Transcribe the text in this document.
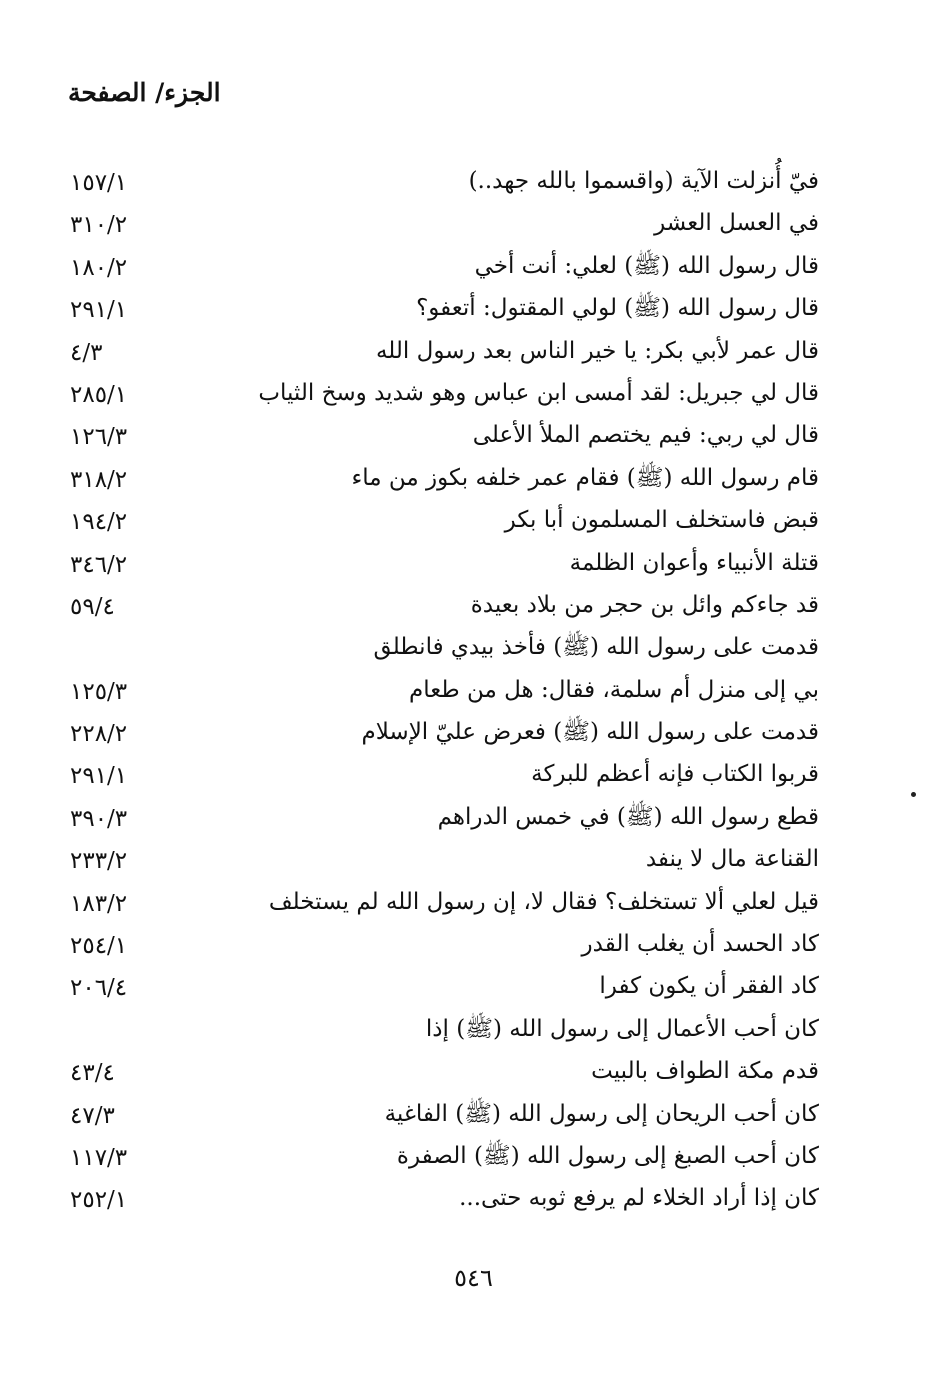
الجزء/ الصفحة
فيّ أُنزلت الآية (واقسموا بالله جهد..)
١٥٧/١
في العسل العشر
٣١٠/٢
قال رسول الله (ﷺ) لعلي: أنت أخي
١٨٠/٢
قال رسول الله (ﷺ) لولي المقتول: أتعفو؟
٢٩١/١
قال عمر لأبي بكر: يا خير الناس بعد رسول الله
٤/٣
قال لي جبريل: لقد أمسى ابن عباس وهو شديد وسخ الثياب
٢٨٥/١
قال لي ربي: فيم يختصم الملأ الأعلى
١٢٦/٣
قام رسول الله (ﷺ) فقام عمر خلفه بكوز من ماء
٣١٨/٢
قبض فاستخلف المسلمون أبا بكر
١٩٤/٢
قتلة الأنبياء وأعوان الظلمة
٣٤٦/٢
قد جاءكم وائل بن حجر من بلاد بعيدة
٥٩/٤
قدمت على رسول الله (ﷺ) فأخذ بيدي فانطلق
بي إلى منزل أم سلمة، فقال: هل من طعام
١٢٥/٣
قدمت على رسول الله (ﷺ) فعرض عليّ الإسلام
٢٢٨/٢
قربوا الكتاب فإنه أعظم للبركة
٢٩١/١
قطع رسول الله (ﷺ) في خمس الدراهم
٣٩٠/٣
القناعة مال لا ينفد
٢٣٣/٢
قيل لعلي ألا تستخلف؟ فقال لا، إن رسول الله لم يستخلف
١٨٣/٢
كاد الحسد أن يغلب القدر
٢٥٤/١
كاد الفقر أن يكون كفرا
٢٠٦/٤
كان أحب الأعمال إلى رسول الله (ﷺ) إذا
قدم مكة الطواف بالبيت
٤٣/٤
كان أحب الريحان إلى رسول الله (ﷺ) الفاغية
٤٧/٣
كان أحب الصبغ إلى رسول الله (ﷺ) الصفرة
١١٧/٣
كان إذا أراد الخلاء لم يرفع ثوبه حتى...
٢٥٢/١
٥٤٦
